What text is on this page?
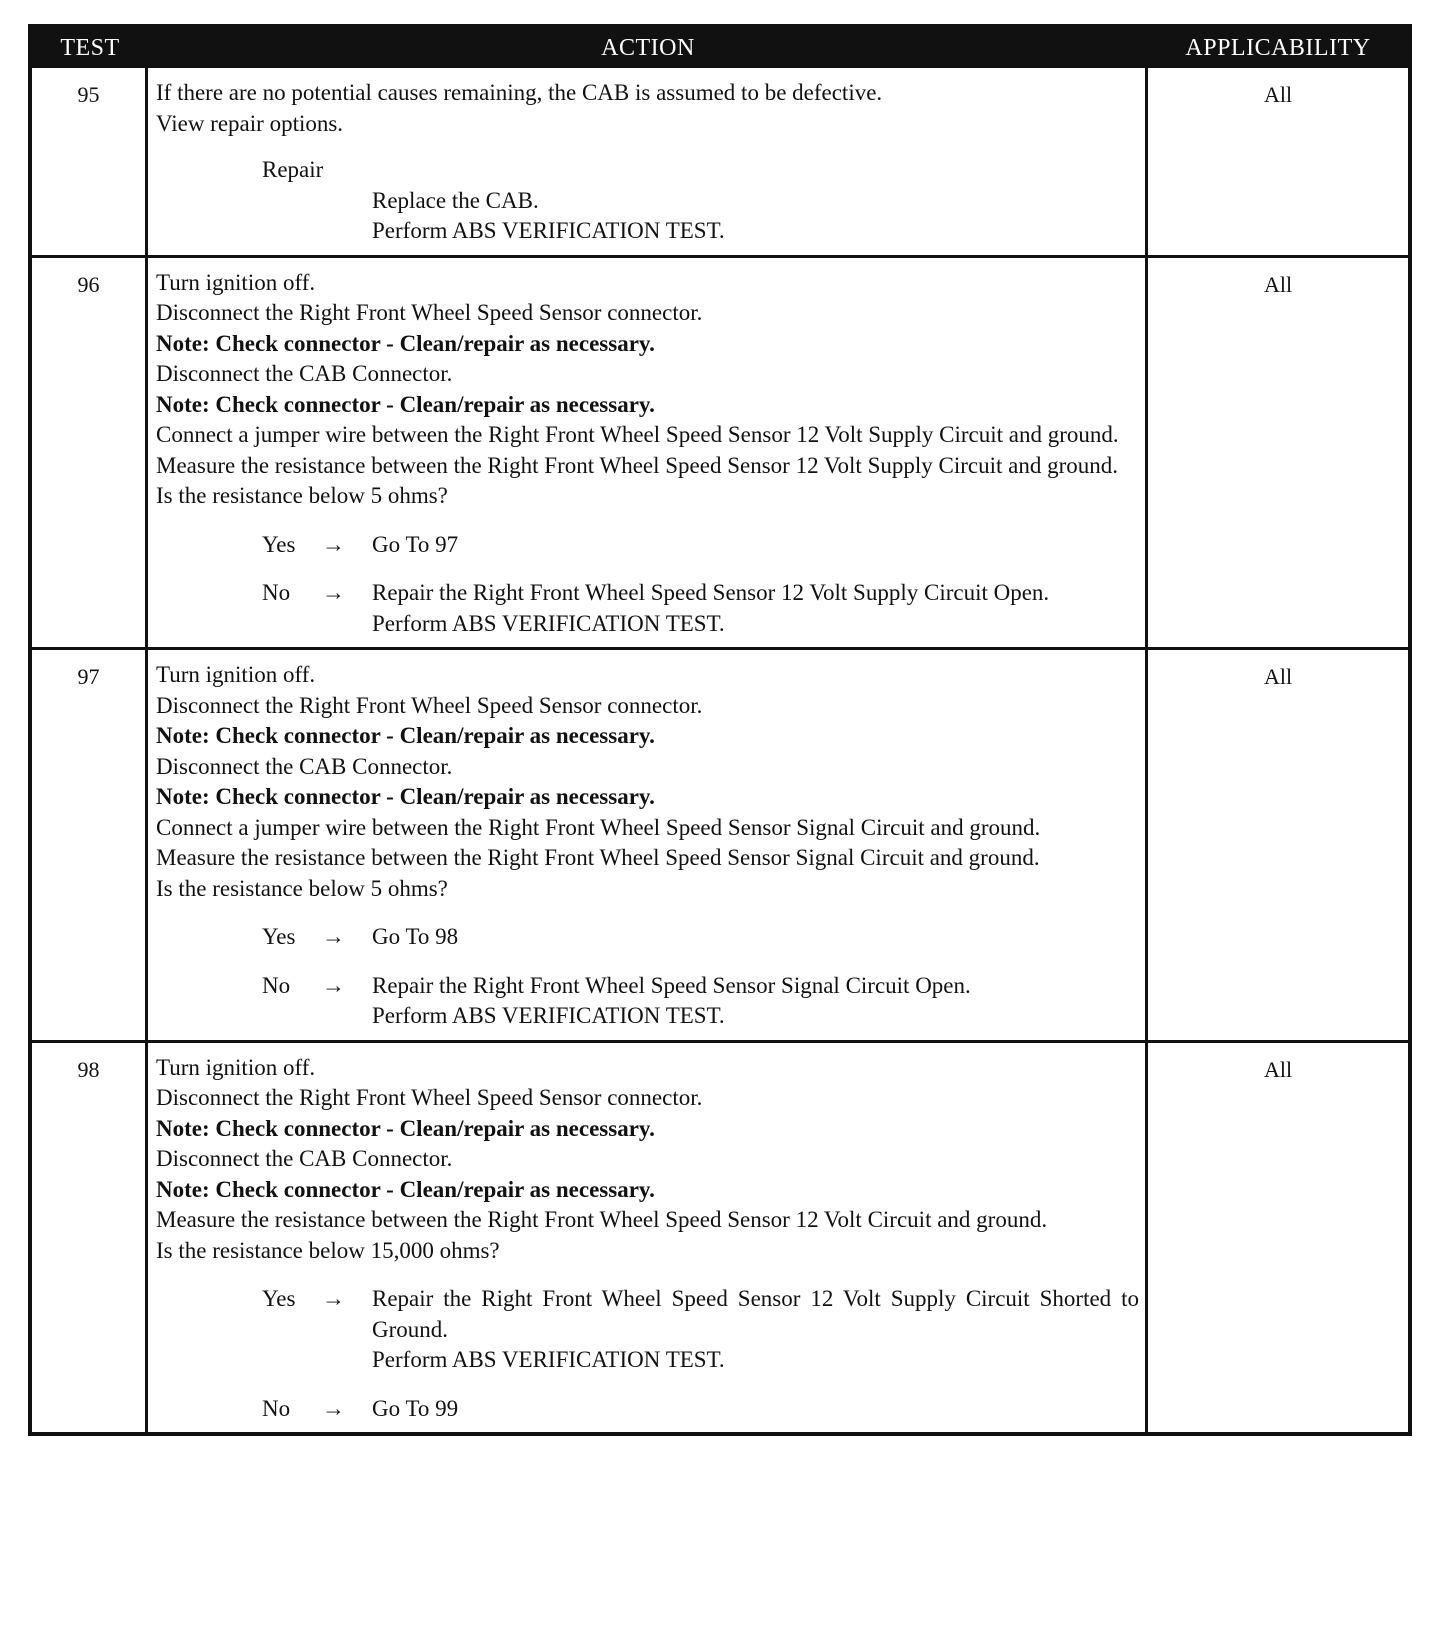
TEST	ACTION	APPLICABILITY
95	If there are no potential causes remaining, the CAB is assumed to be defective.
View repair options.
Repair
Replace the CAB.
Perform ABS VERIFICATION TEST.
All
96	Turn ignition off.
Disconnect the Right Front Wheel Speed Sensor connector.
Note: Check connector - Clean/repair as necessary.
Disconnect the CAB Connector.
Note: Check connector - Clean/repair as necessary.
Connect a jumper wire between the Right Front Wheel Speed Sensor 12 Volt Supply Circuit and ground.
Measure the resistance between the Right Front Wheel Speed Sensor 12 Volt Supply Circuit and ground.
Is the resistance below 5 ohms?
Yes	→	Go To 97
No	→	Repair the Right Front Wheel Speed Sensor 12 Volt Supply Circuit Open.
Perform ABS VERIFICATION TEST.
All
97	Turn ignition off.
Disconnect the Right Front Wheel Speed Sensor connector.
Note: Check connector - Clean/repair as necessary.
Disconnect the CAB Connector.
Note: Check connector - Clean/repair as necessary.
Connect a jumper wire between the Right Front Wheel Speed Sensor Signal Circuit and ground.
Measure the resistance between the Right Front Wheel Speed Sensor Signal Circuit and ground.
Is the resistance below 5 ohms?
Yes	→	Go To 98
No	→	Repair the Right Front Wheel Speed Sensor Signal Circuit Open.
Perform ABS VERIFICATION TEST.
All
98	Turn ignition off.
Disconnect the Right Front Wheel Speed Sensor connector.
Note: Check connector - Clean/repair as necessary.
Disconnect the CAB Connector.
Note: Check connector - Clean/repair as necessary.
Measure the resistance between the Right Front Wheel Speed Sensor 12 Volt Circuit and ground.
Is the resistance below 15,000 ohms?
Yes	→	Repair the Right Front Wheel Speed Sensor 12 Volt Supply Circuit Shorted to Ground.
Perform ABS VERIFICATION TEST.
No	→	Go To 99
All
